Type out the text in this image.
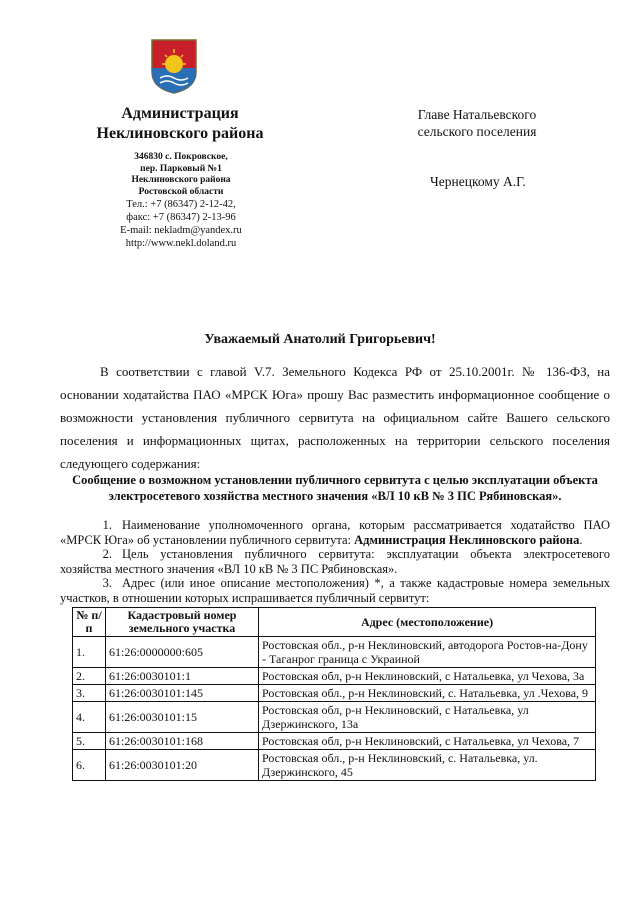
Администрация
Неклиновского района
346830 с. Покровское,
пер. Парковый №1
Неклиновского района
Ростовской области
Тел.: +7 (86347) 2-12-42,
факс: +7 (86347) 2-13-96
E-mail: nekladm@yandex.ru
http://www.nekl.doland.ru
Главе Натальевского
сельского поселения
Чернецкому А.Г.
Уважаемый Анатолий Григорьевич!

В соответствии с главой V.7. Земельного Кодекса РФ от 25.10.2001г. № 136-ФЗ, на основании ходатайства ПАО «МРСК Юга» прошу Вас разместить информационное сообщение о возможности установления публичного сервитута на официальном сайте Вашего сельского поселения и информационных щитах, расположенных на территории сельского поселения следующего содержания:

Сообщение о возможном установлении публичного сервитута с целью эксплуатации объекта электросетевого хозяйства местного значения «ВЛ 10 кВ № 3 ПС Рябиновская».

1. Наименование уполномоченного органа, которым рассматривается ходатайство ПАО «МРСК Юга» об установлении публичного сервитута: Администрация Неклиновского района.

2. Цель установления публичного сервитута: эксплуатации объекта электросетевого хозяйства местного значения «ВЛ 10 кВ № 3 ПС Рябиновская».

3. Адрес (или иное описание местоположения) *, а также кадастровые номера земельных участков, в отношении которых испрашивается публичный сервитут:

№ п/п	Кадастровый номер земельного участка	Адрес (местоположение)
1.	61:26:0000000:605	Ростовская обл., р-н Неклиновский, автодорога Ростов-на-Дону - Таганрог граница с Украиной
2.	61:26:0030101:1	Ростовская обл, р-н Неклиновский, с Натальевка, ул Чехова, 3а
3.	61:26:0030101:145	Ростовская обл., р-н Неклиновский, с. Натальевка, ул .Чехова, 9
4.	61:26:0030101:15	Ростовская обл, р-н Неклиновский, с Натальевка, ул Дзержинского, 13а
5.	61:26:0030101:168	Ростовская обл, р-н Неклиновский, с Натальевка, ул Чехова, 7
6.	61:26:0030101:20	Ростовская обл., р-н Неклиновский, с. Натальевка, ул. Дзержинского, 45
